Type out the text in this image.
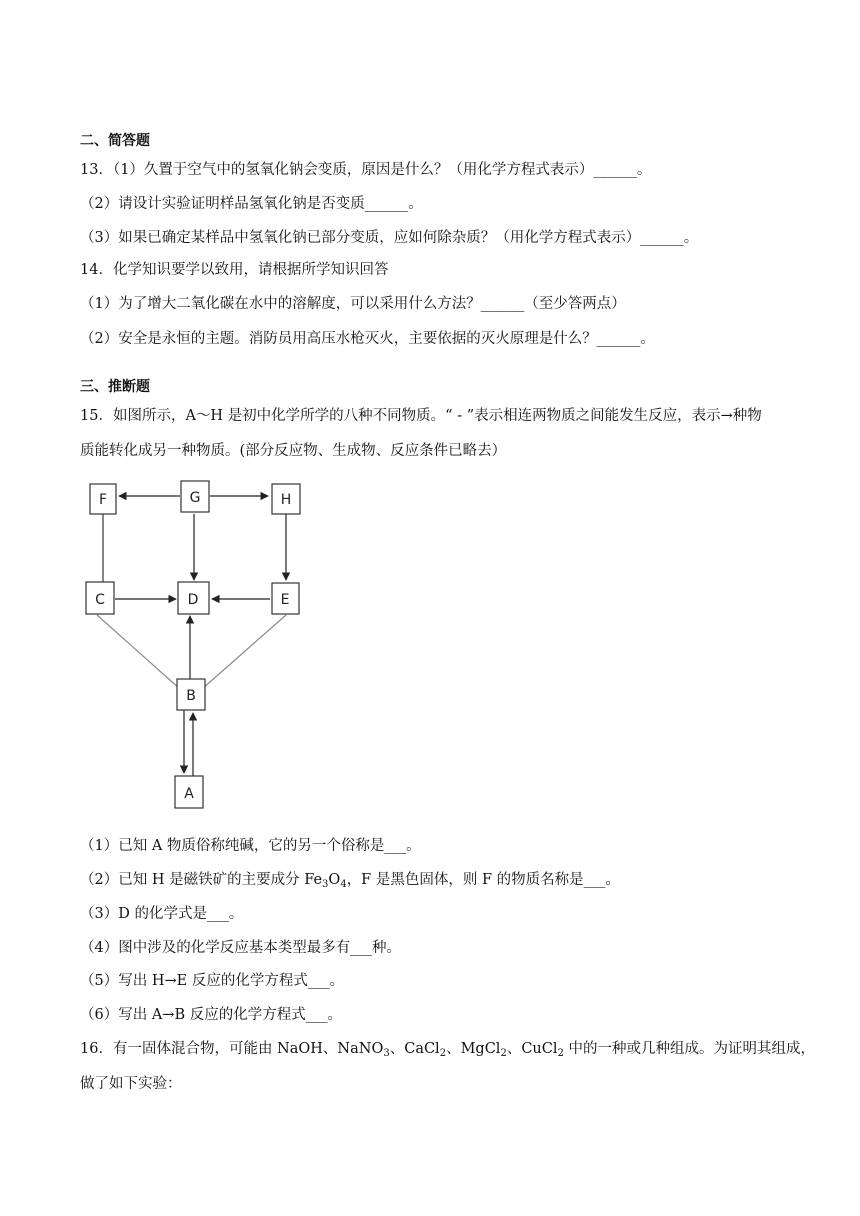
二、简答题
13．（1）久置于空气中的氢氧化钠会变质，原因是什么？（用化学方程式表示）______。
（2）请设计实验证明样品氢氧化钠是否变质______。
（3）如果已确定某样品中氢氧化钠已部分变质，应如何除杂质？（用化学方程式表示）______。
14．化学知识要学以致用，请根据所学知识回答
（1）为了增大二氧化碳在水中的溶解度，可以采用什么方法？______（至少答两点）
（2）安全是永恒的主题。消防员用高压水枪灭火，主要依据的灭火原理是什么？______。
三、推断题
15．如图所示，A～H 是初中化学所学的八种不同物质。“ - ”表示相连两物质之间能发生反应，表示→种物
质能转化成另一种物质。(部分反应物、生成物、反应条件已略去）
F	G	H
C	D	E
B
A
（1）已知 A 物质俗称纯碱，它的另一个俗称是___。
（2）已知 H 是磁铁矿的主要成分 $Fe_3O_4$，F 是黑色固体，则 F 的物质名称是___。
（3）D 的化学式是___。
（4）图中涉及的化学反应基本类型最多有___种。
（5）写出 H→E 反应的化学方程式___。
（6）写出 A→B 反应的化学方程式___。
16．有一固体混合物，可能由 NaOH、NaNO$_3$、CaCl$_2$、MgCl$_2$、CuCl$_2$ 中的一种或几种组成。为证明其组成，
做了如下实验：
